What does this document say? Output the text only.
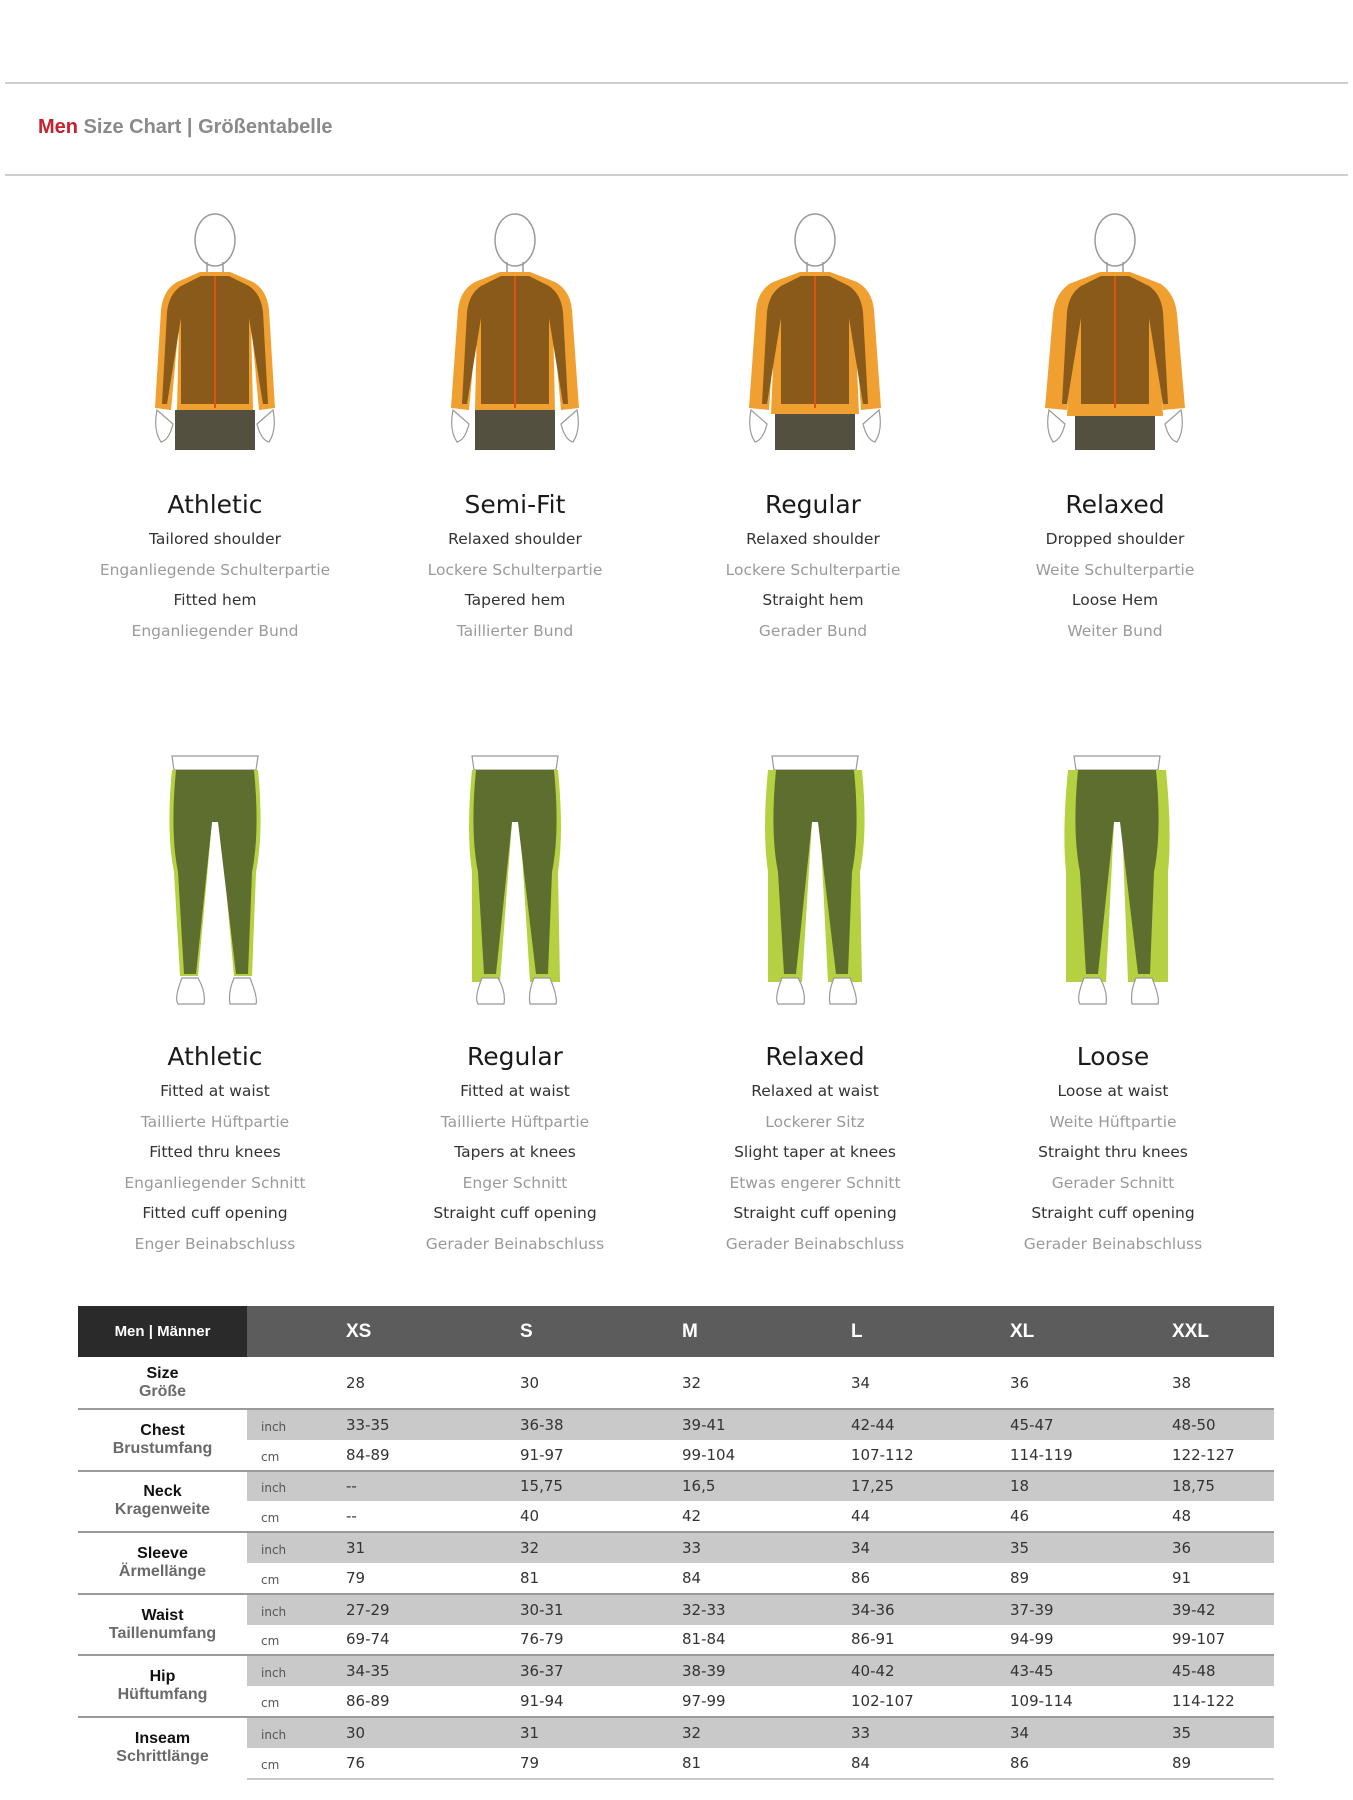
Men Size Chart | Größentabelle
Athletic
Tailored shoulder
Enganliegende Schulterpartie
Fitted hem
Enganliegender Bund
Semi-Fit
Relaxed shoulder
Lockere Schulterpartie
Tapered hem
Taillierter Bund
Regular
Relaxed shoulder
Lockere Schulterpartie
Straight hem
Gerader Bund
Relaxed
Dropped shoulder
Weite Schulterpartie
Loose Hem
Weiter Bund
Athletic
Fitted at waist
Taillierte Hüftpartie
Fitted thru knees
Enganliegender Schnitt
Fitted cuff opening
Enger Beinabschluss
Regular
Fitted at waist
Taillierte Hüftpartie
Tapers at knees
Enger Schnitt
Straight cuff opening
Gerader Beinabschluss
Relaxed
Relaxed at waist
Lockerer Sitz
Slight taper at knees
Etwas engerer Schnitt
Straight cuff opening
Gerader Beinabschluss
Loose
Loose at waist
Weite Hüftpartie
Straight thru knees
Gerader Schnitt
Straight cuff opening
Gerader Beinabschluss
Men | Männer		XS	S	M	L	XL	XXL

Size
Größe		28	30	32	34	36	38

Chest
Brustumfang	inch	33-35	36-38	39-41	42-44	45-47	48-50
	cm	84-89	91-97	99-104	107-112	114-119	122-127

Neck
Kragenweite	inch	--	15,75	16,5	17,25	18	18,75
	cm	--	40	42	44	46	48

Sleeve
Ärmellänge	inch	31	32	33	34	35	36
	cm	79	81	84	86	89	91

Waist
Taillenumfang	inch	27-29	30-31	32-33	34-36	37-39	39-42
	cm	69-74	76-79	81-84	86-91	94-99	99-107

Hip
Hüftumfang	inch	34-35	36-37	38-39	40-42	43-45	45-48
	cm	86-89	91-94	97-99	102-107	109-114	114-122

Inseam
Schrittlänge	inch	30	31	32	33	34	35
	cm	76	79	81	84	86	89
